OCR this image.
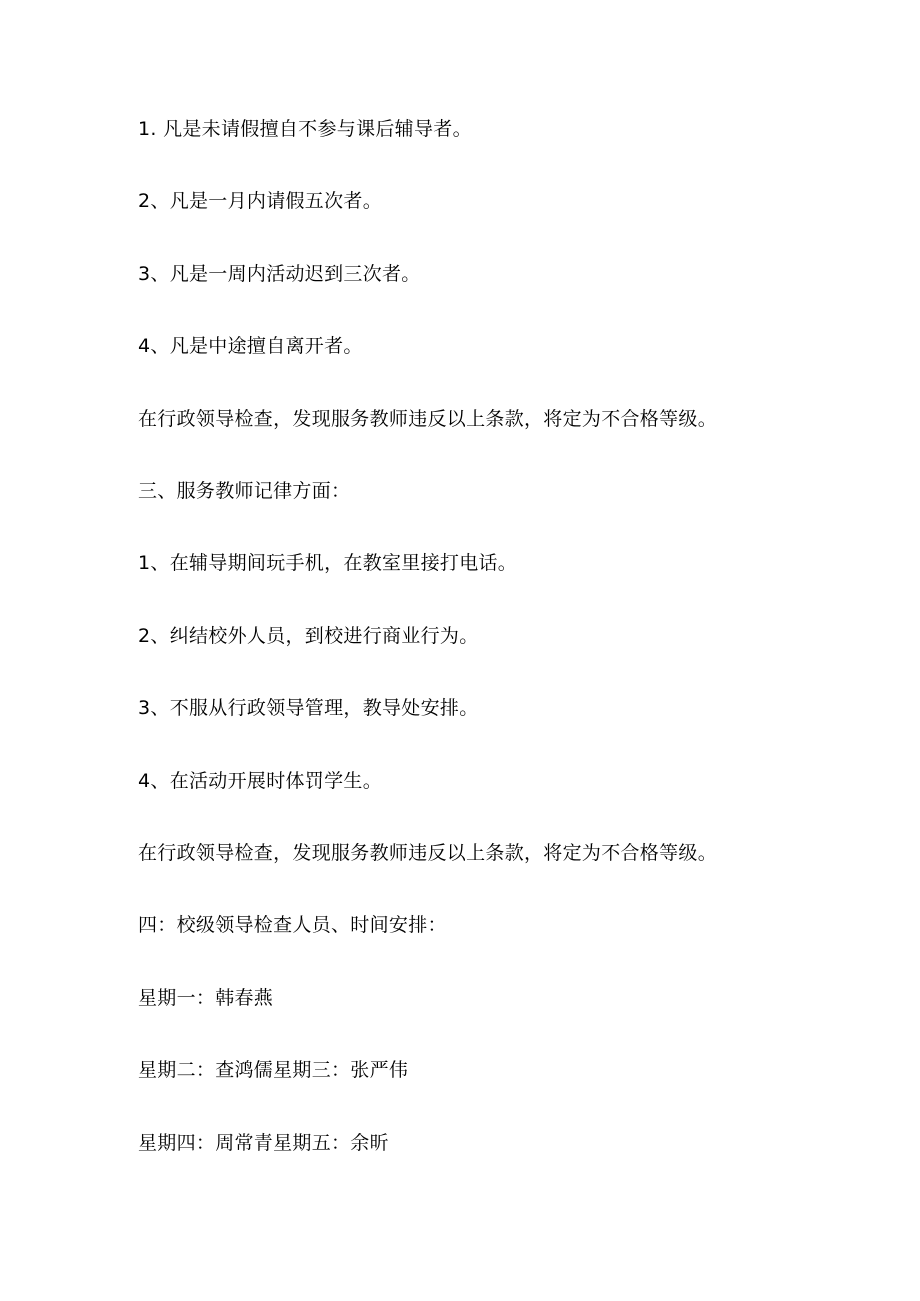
1. 凡是未请假擅自不参与课后辅导者。
2、凡是一月内请假五次者。
3、凡是一周内活动迟到三次者。
4、凡是中途擅自离开者。
在行政领导检查，发现服务教师违反以上条款，将定为不合格等级。
三、服务教师记律方面：
1、在辅导期间玩手机，在教室里接打电话。
2、纠结校外人员，到校进行商业行为。
3、不服从行政领导管理，教导处安排。
4、在活动开展时体罚学生。
在行政领导检查，发现服务教师违反以上条款，将定为不合格等级。
四：校级领导检查人员、时间安排：
星期一：韩春燕
星期二：查鸿儒星期三：张严伟
星期四：周常青星期五：余昕
